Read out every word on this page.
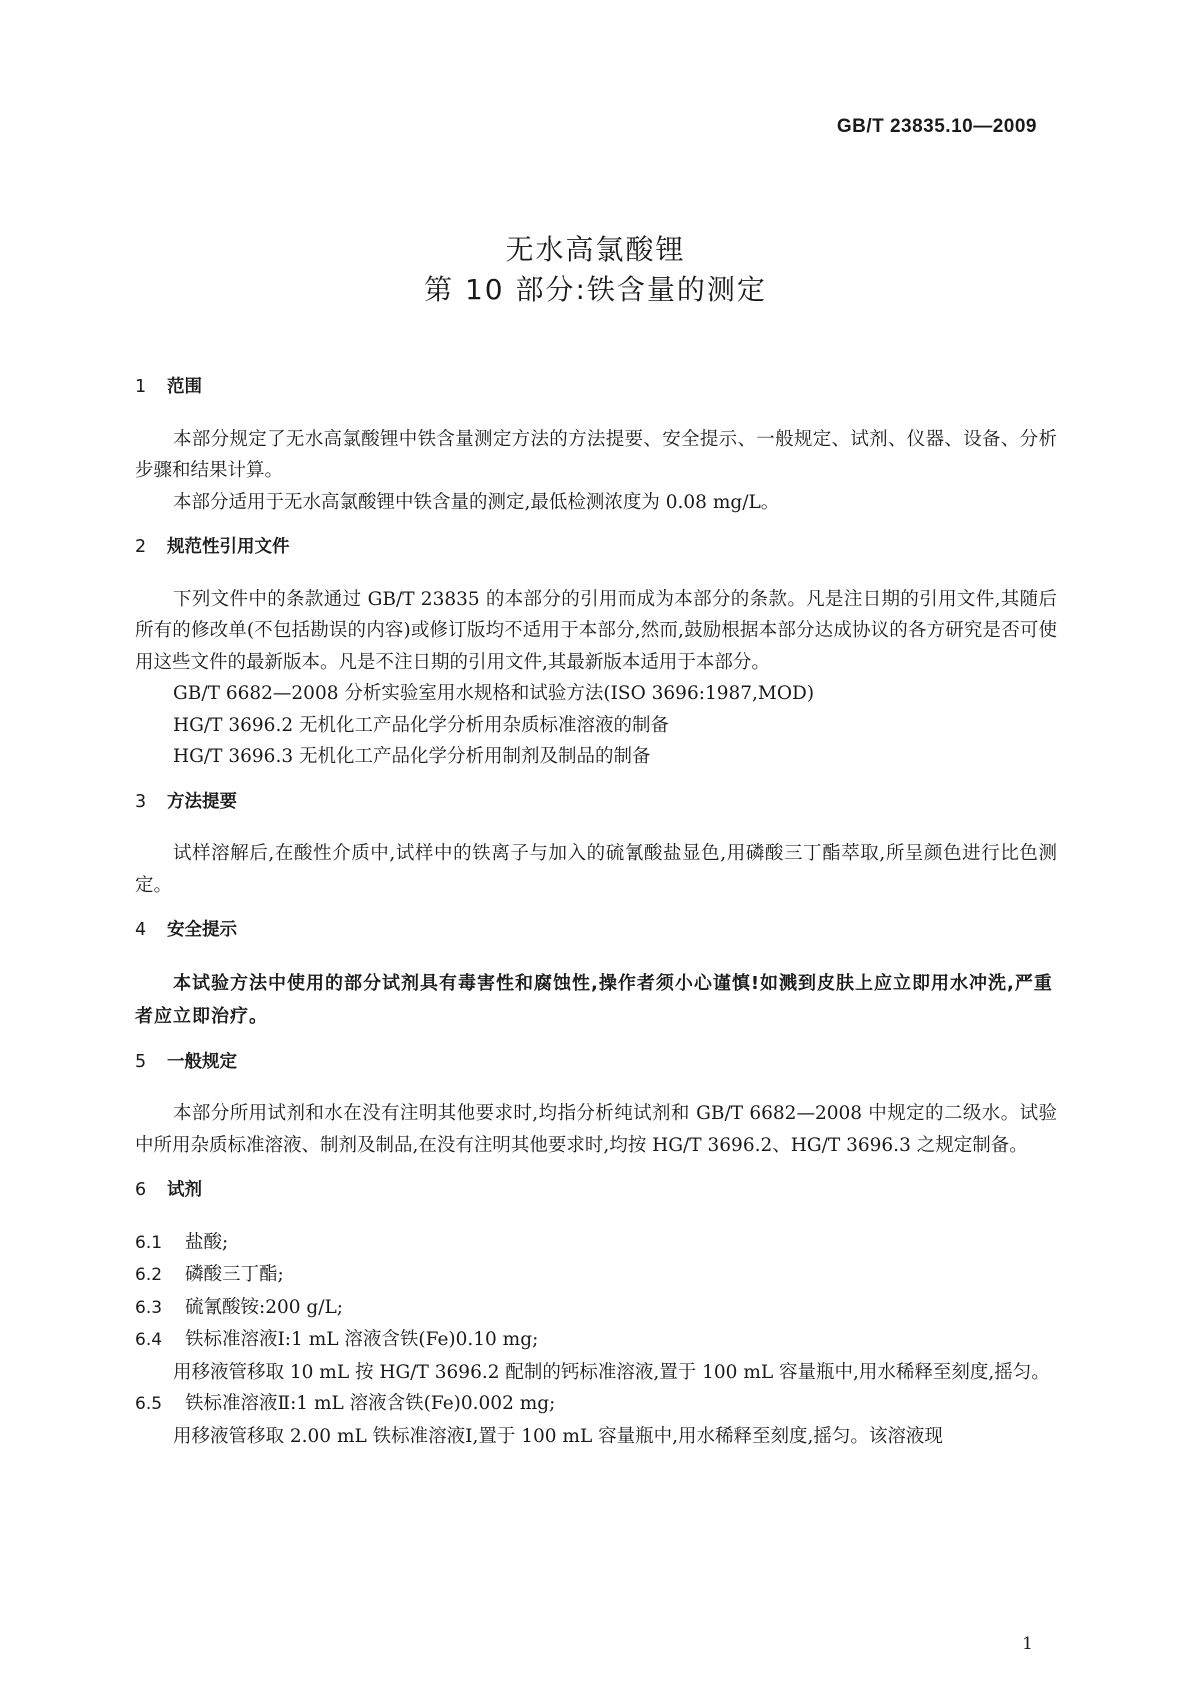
GB/T 23835.10—2009
无水高氯酸锂
第 10 部分:铁含量的测定
1 范围

本部分规定了无水高氯酸锂中铁含量测定方法的方法提要、安全提示、一般规定、试剂、仪器、设备、分析步骤和结果计算。

本部分适用于无水高氯酸锂中铁含量的测定,最低检测浓度为 0.08 mg/L。

2 规范性引用文件

下列文件中的条款通过 GB/T 23835 的本部分的引用而成为本部分的条款。凡是注日期的引用文件,其随后所有的修改单(不包括勘误的内容)或修订版均不适用于本部分,然而,鼓励根据本部分达成协议的各方研究是否可使用这些文件的最新版本。凡是不注日期的引用文件,其最新版本适用于本部分。

GB/T 6682—2008 分析实验室用水规格和试验方法(ISO 3696:1987,MOD)

HG/T 3696.2 无机化工产品化学分析用杂质标准溶液的制备

HG/T 3696.3 无机化工产品化学分析用制剂及制品的制备

3 方法提要

试样溶解后,在酸性介质中,试样中的铁离子与加入的硫氰酸盐显色,用磷酸三丁酯萃取,所呈颜色进行比色测定。

4 安全提示

本试验方法中使用的部分试剂具有毒害性和腐蚀性,操作者须小心谨慎!如溅到皮肤上应立即用水冲洗,严重者应立即治疗。

5 一般规定

本部分所用试剂和水在没有注明其他要求时,均指分析纯试剂和 GB/T 6682—2008 中规定的二级水。试验中所用杂质标准溶液、制剂及制品,在没有注明其他要求时,均按 HG/T 3696.2、HG/T 3696.3 之规定制备。

6 试剂

6.1 盐酸;

6.2 磷酸三丁酯;

6.3 硫氰酸铵:200 g/L;

6.4 铁标准溶液Ⅰ:1 mL 溶液含铁(Fe)0.10 mg;

用移液管移取 10 mL 按 HG/T 3696.2 配制的钙标准溶液,置于 100 mL 容量瓶中,用水稀释至刻度,摇匀。

6.5 铁标准溶液Ⅱ:1 mL 溶液含铁(Fe)0.002 mg;

用移液管移取 2.00 mL 铁标准溶液Ⅰ,置于 100 mL 容量瓶中,用水稀释至刻度,摇匀。该溶液现

1
